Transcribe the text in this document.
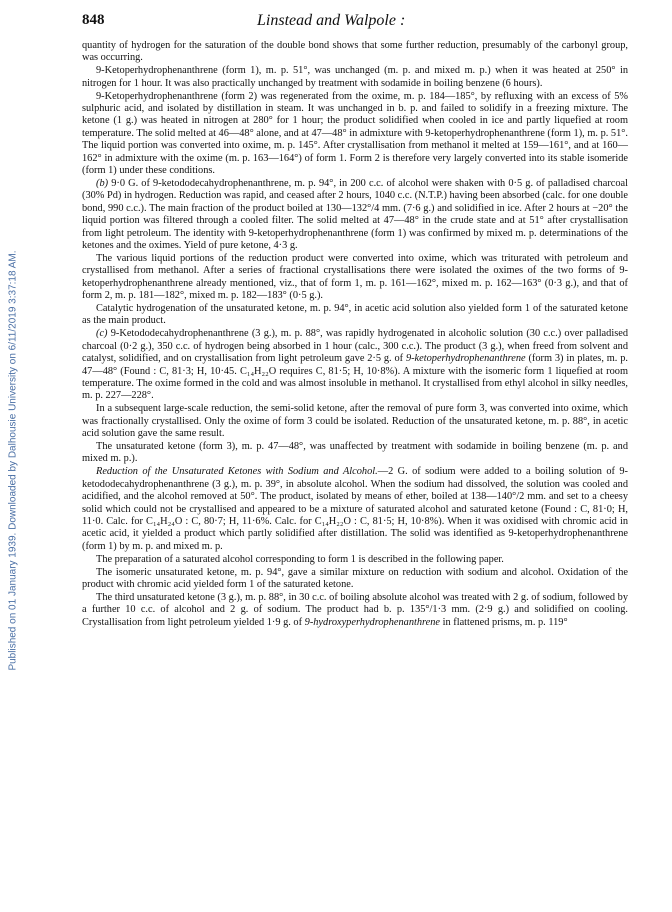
Published on 01 January 1939. Downloaded by Dalhousie University on 6/11/2019 3:37:18 AM.
848	Linstead and Walpole :

quantity of hydrogen for the saturation of the double bond shows that some further reduction, presumably of the carbonyl group, was occurring.

9-Ketoperhydrophenanthrene (form 1), m. p. 51°, was unchanged (m. p. and mixed m. p.) when it was heated at 250° in nitrogen for 1 hour. It was also practically unchanged by treatment with sodamide in boiling benzene (6 hours).

9-Ketoperhydrophenanthrene (form 2) was regenerated from the oxime, m. p. 184—185°, by refluxing with an excess of 5% sulphuric acid, and isolated by distillation in steam. It was unchanged in b. p. and failed to solidify in a freezing mixture. The ketone (1 g.) was heated in nitrogen at 280° for 1 hour; the product solidified when cooled in ice and partly liquefied at room temperature. The solid melted at 46—48° alone, and at 47—48° in admixture with 9-ketoperhydrophenanthrene (form 1), m. p. 51°. The liquid portion was converted into oxime, m. p. 145°. After crystallisation from methanol it melted at 159—161°, and at 160—162° in admixture with the oxime (m. p. 163—164°) of form 1. Form 2 is therefore very largely converted into its stable isomeride (form 1) under these conditions.

(b) 9·0 G. of 9-ketododecahydrophenanthrene, m. p. 94°, in 200 c.c. of alcohol were shaken with 0·5 g. of palladised charcoal (30% Pd) in hydrogen. Reduction was rapid, and ceased after 2 hours, 1040 c.c. (N.T.P.) having been absorbed (calc. for one double bond, 990 c.c.). The main fraction of the product boiled at 130—132°/4 mm. (7·6 g.) and solidified in ice. After 2 hours at −20° the liquid portion was filtered through a cooled filter. The solid melted at 47—48° in the crude state and at 51° after crystallisation from light petroleum. The identity with 9-ketoperhydrophenanthrene (form 1) was confirmed by mixed m. p. determinations of the ketones and the oximes. Yield of pure ketone, 4·3 g.

The various liquid portions of the reduction product were converted into oxime, which was triturated with petroleum and crystallised from methanol. After a series of fractional crystallisations there were isolated the oximes of the two forms of 9-ketoperhydrophenanthrene already mentioned, viz., that of form 1, m. p. 161—162°, mixed m. p. 162—163° (0·3 g.), and that of form 2, m. p. 181—182°, mixed m. p. 182—183° (0·5 g.).

Catalytic hydrogenation of the unsaturated ketone, m. p. 94°, in acetic acid solution also yielded form 1 of the saturated ketone as the main product.

(c) 9-Ketododecahydrophenanthrene (3 g.), m. p. 88°, was rapidly hydrogenated in alcoholic solution (30 c.c.) over palladised charcoal (0·2 g.), 350 c.c. of hydrogen being absorbed in 1 hour (calc., 300 c.c.). The product (3 g.), when freed from solvent and catalyst, solidified, and on crystallisation from light petroleum gave 2·5 g. of 9-ketoperhydrophenanthrene (form 3) in plates, m. p. 47—48° (Found : C, 81·3; H, 10·45. C₁₄H₂₂O requires C, 81·5; H, 10·8%). A mixture with the isomeric form 1 liquefied at room temperature. The oxime formed in the cold and was almost insoluble in methanol. It crystallised from ethyl alcohol in silky needles, m. p. 227—228°.

In a subsequent large-scale reduction, the semi-solid ketone, after the removal of pure form 3, was converted into oxime, which was fractionally crystallised. Only the oxime of form 3 could be isolated. Reduction of the unsaturated ketone, m. p. 88°, in acetic acid solution gave the same result.

The unsaturated ketone (form 3), m. p. 47—48°, was unaffected by treatment with sodamide in boiling benzene (m. p. and mixed m. p.).

Reduction of the Unsaturated Ketones with Sodium and Alcohol.—2 G. of sodium were added to a boiling solution of 9-ketododecahydrophenanthrene (3 g.), m. p. 39°, in absolute alcohol. When the sodium had dissolved, the solution was cooled and acidified, and the alcohol removed at 50°. The product, isolated by means of ether, boiled at 138—140°/2 mm. and set to a cheesy solid which could not be crystallised and appeared to be a mixture of saturated alcohol and saturated ketone (Found : C, 81·0; H, 11·0. Calc. for C₁₄H₂₄O : C, 80·7; H, 11·6%. Calc. for C₁₄H₂₂O : C, 81·5; H, 10·8%). When it was oxidised with chromic acid in acetic acid, it yielded a product which partly solidified after distillation. The solid was identified as 9-ketoperhydrophenanthrene (form 1) by m. p. and mixed m. p.

The preparation of a saturated alcohol corresponding to form 1 is described in the following paper.

The isomeric unsaturated ketone, m. p. 94°, gave a similar mixture on reduction with sodium and alcohol. Oxidation of the product with chromic acid yielded form 1 of the saturated ketone.

The third unsaturated ketone (3 g.), m. p. 88°, in 30 c.c. of boiling absolute alcohol was treated with 2 g. of sodium, followed by a further 10 c.c. of alcohol and 2 g. of sodium. The product had b. p. 135°/1·3 mm. (2·9 g.) and solidified on cooling. Crystallisation from light petroleum yielded 1·9 g. of 9-hydroxyperhydrophenanthrene in flattened prisms, m. p. 119°
